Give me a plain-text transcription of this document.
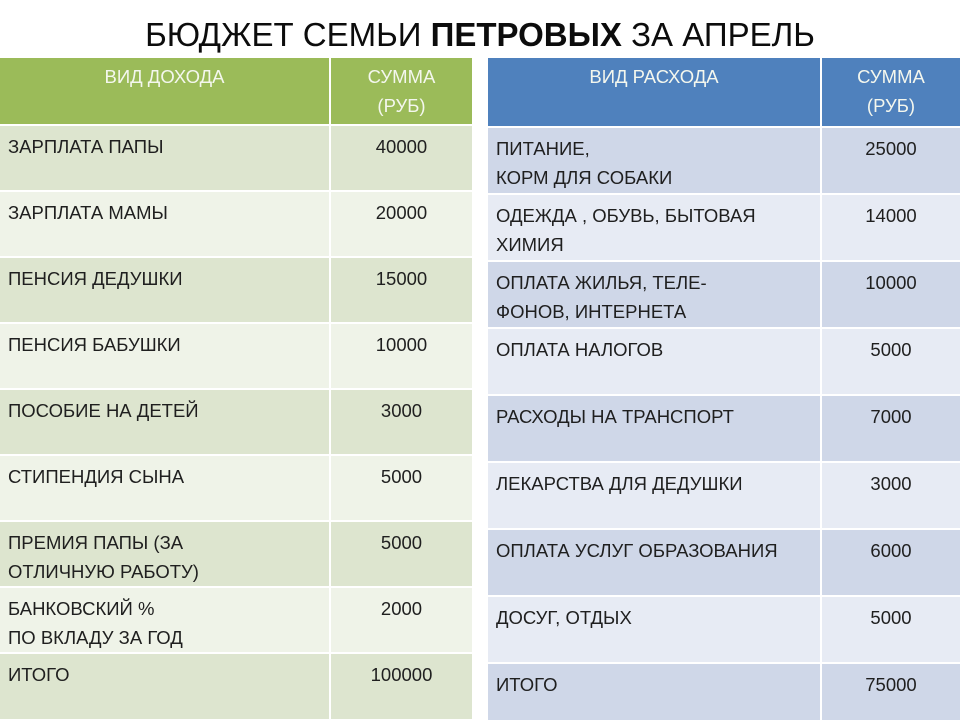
БЮДЖЕТ СЕМЬИ ПЕТРОВЫХ ЗА АПРЕЛЬ
ВИД ДОХОДА	СУММА
(РУБ)
ЗАРПЛАТА ПАПЫ	40000
ЗАРПЛАТА МАМЫ	20000
ПЕНСИЯ ДЕДУШКИ	15000
ПЕНСИЯ БАБУШКИ	10000
ПОСОБИЕ НА ДЕТЕЙ	3000
СТИПЕНДИЯ СЫНА	5000
ПРЕМИЯ ПАПЫ (ЗА
ОТЛИЧНУЮ РАБОТУ)	5000
БАНКОВСКИЙ %
ПО ВКЛАДУ ЗА ГОД	2000
ИТОГО	100000
ВИД РАСХОДА	СУММА
(РУБ)
ПИТАНИЕ,
КОРМ ДЛЯ СОБАКИ	25000
ОДЕЖДА , ОБУВЬ, БЫТОВАЯ
ХИМИЯ	14000
ОПЛАТА ЖИЛЬЯ, ТЕЛЕ-
ФОНОВ, ИНТЕРНЕТА	10000
ОПЛАТА НАЛОГОВ	5000
РАСХОДЫ НА ТРАНСПОРТ	7000
ЛЕКАРСТВА ДЛЯ ДЕДУШКИ	3000
ОПЛАТА УСЛУГ ОБРАЗОВАНИЯ	6000
ДОСУГ, ОТДЫХ	5000
ИТОГО	75000
